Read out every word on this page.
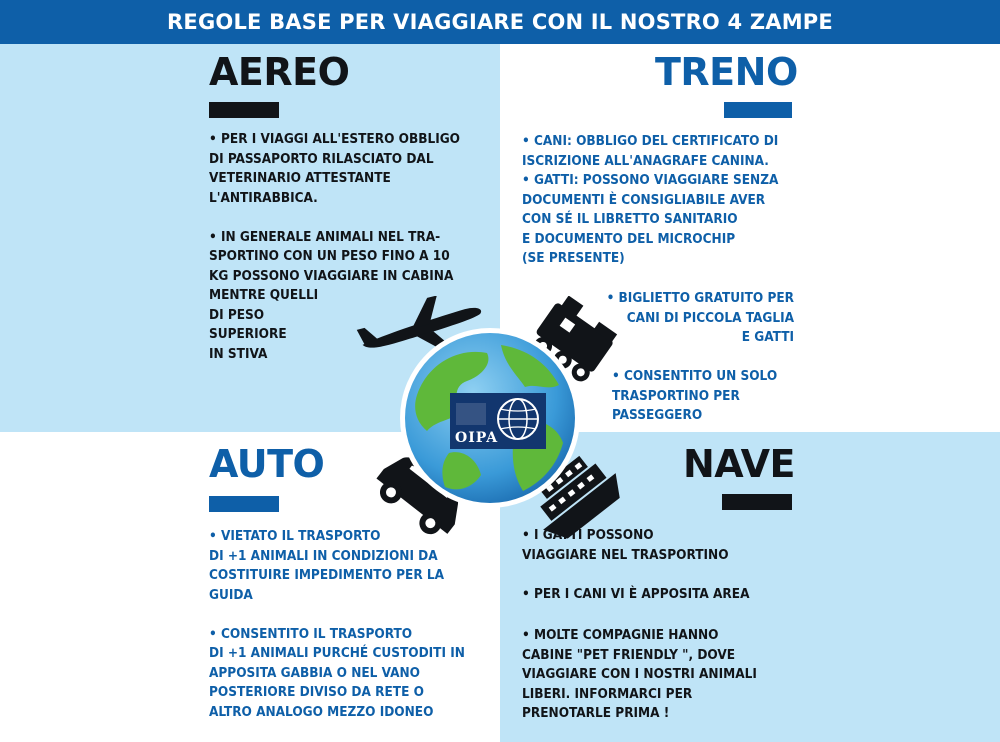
REGOLE BASE PER VIAGGIARE CON IL NOSTRO 4 ZAMPE
AEREO
• PER I VIAGGI ALL'ESTERO OBBLIGO
DI PASSAPORTO RILASCIATO DAL
VETERINARIO ATTESTANTE
L'ANTIRABBICA.

• IN GENERALE ANIMALI NEL TRA-
SPORTINO CON UN PESO FINO A 10
KG POSSONO VIAGGIARE IN CABINA
MENTRE QUELLI
DI PESO
SUPERIORE
IN STIVA
TRENO
• CANI: OBBLIGO DEL CERTIFICATO DI
ISCRIZIONE ALL'ANAGRAFE CANINA.
• GATTI: POSSONO VIAGGIARE SENZA
DOCUMENTI È CONSIGLIABILE AVER
CON SÉ IL LIBRETTO SANITARIO
E DOCUMENTO DEL MICROCHIP
(SE PRESENTE)
• BIGLIETTO GRATUITO PER
CANI DI PICCOLA TAGLIA
E GATTI
• CONSENTITO UN SOLO
TRASPORTINO PER
PASSEGGERO
AUTO
• VIETATO IL TRASPORTO
DI +1 ANIMALI IN CONDIZIONI DA
COSTITUIRE IMPEDIMENTO PER LA
GUIDA

• CONSENTITO IL TRASPORTO
DI +1 ANIMALI PURCHÉ CUSTODITI IN
APPOSITA GABBIA O NEL VANO
POSTERIORE DIVISO DA RETE O
ALTRO ANALOGO MEZZO IDONEO
NAVE
• I POSSONO
VIAGGIARE NEL TRASPORTINO
• PER I CANI VI È APPOSITA AREA
• MOLTE COMPAGNIE HANNO
CABINE "PET FRIENDLY ", DOVE
VIAGGIARE CON I NOSTRI ANIMALI
LIBERI. INFORMARCI PER
PRENOTARLE PRIMA !
OIPA
